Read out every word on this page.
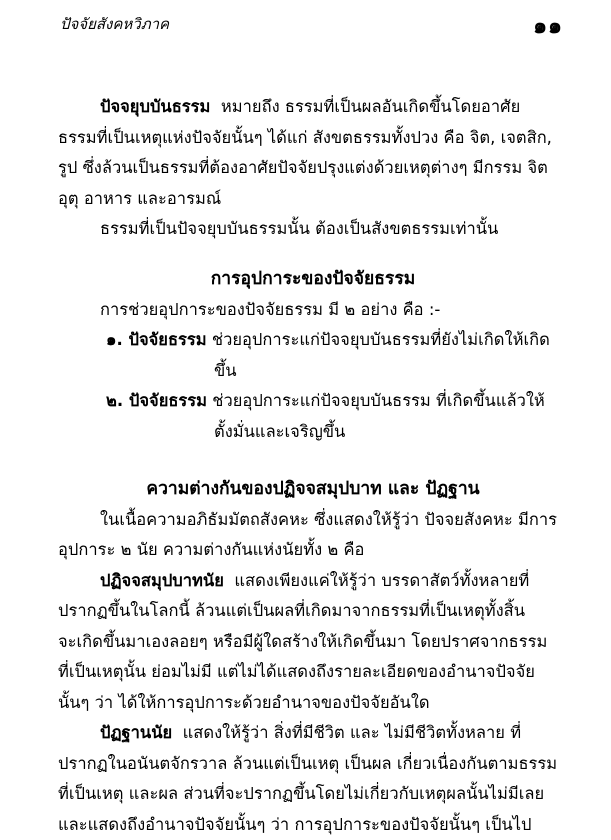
ปัจจัยสังคหวิภาค	๑๑
ปัจจยุบบันธรรม หมายถึง ธรรมที่เป็นผลอันเกิดขึ้นโดยอาศัย
ธรรมที่เป็นเหตุแห่งปัจจัยนั้นๆ ได้แก่ สังขตธรรมทั้งปวง คือ จิต, เจตสิก,
รูป ซึ่งล้วนเป็นธรรมที่ต้องอาศัยปัจจัยปรุงแต่งด้วยเหตุต่างๆ มีกรรม จิต
อุตุ อาหาร และอารมณ์
ธรรมที่เป็นปัจจยุบบันธรรมนั้น ต้องเป็นสังขตธรรมเท่านั้น
การอุปการะของปัจจัยธรรม
การช่วยอุปการะของปัจจัยธรรม มี ๒ อย่าง คือ :-
๑. ปัจจัยธรรม ช่วยอุปการะแก่ปัจจยุบบันธรรมที่ยังไม่เกิดให้เกิด
ขึ้น
๒. ปัจจัยธรรม ช่วยอุปการะแก่ปัจจยุบบันธรรม ที่เกิดขึ้นแล้วให้
ตั้งมั่นและเจริญขึ้น
ความต่างกันของปฏิจจสมุปบาท และ ปัฏฐาน
ในเนื้อความอภิธัมมัตถสังคหะ ซึ่งแสดงให้รู้ว่า ปัจจยสังคหะ มีการ
อุปการะ ๒ นัย ความต่างกันแห่งนัยทั้ง ๒ คือ
ปฏิจจสมุปบาทนัย แสดงเพียงแค่ให้รู้ว่า บรรดาสัตว์ทั้งหลายที่
ปรากฏขึ้นในโลกนี้ ล้วนแต่เป็นผลที่เกิดมาจากธรรมที่เป็นเหตุทั้งสิ้น
จะเกิดขึ้นมาเองลอยๆ หรือมีผู้ใดสร้างให้เกิดขึ้นมา โดยปราศจากธรรม
ที่เป็นเหตุนั้น ย่อมไม่มี แต่ไม่ได้แสดงถึงรายละเอียดของอำนาจปัจจัย
นั้นๆ ว่า ได้ให้การอุปการะด้วยอำนาจของปัจจัยอันใด
ปัฏฐานนัย แสดงให้รู้ว่า สิ่งที่มีชีวิต และ ไม่มีชีวิตทั้งหลาย ที่
ปรากฏในอนันตจักรวาล ล้วนแต่เป็นเหตุ เป็นผล เกี่ยวเนื่องกันตามธรรม
ที่เป็นเหตุ และผล ส่วนที่จะปรากฏขึ้นโดยไม่เกี่ยวกับเหตุผลนั้นไม่มีเลย
และแสดงถึงอำนาจปัจจัยนั้นๆ ว่า การอุปการะของปัจจัยนั้นๆ เป็นไป
